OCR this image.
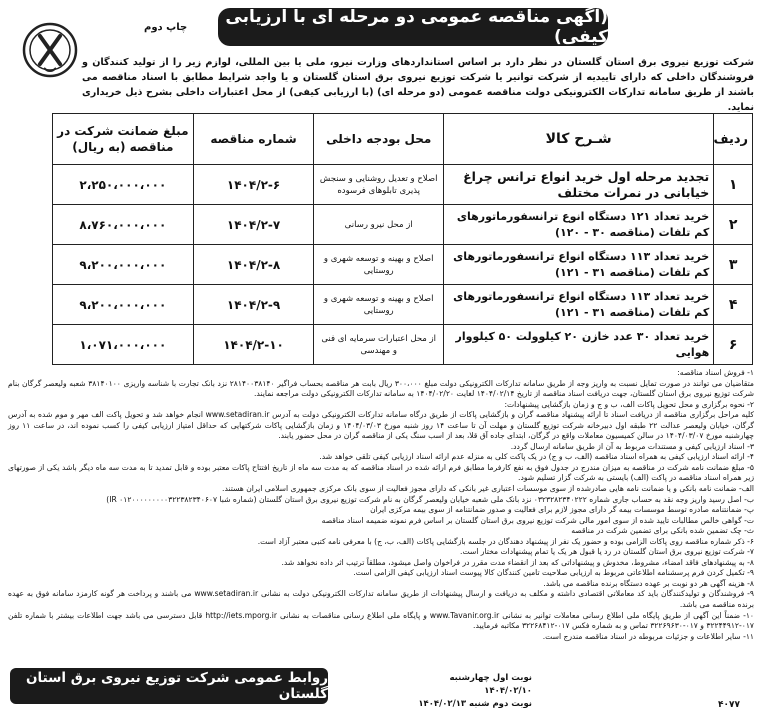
چاپ دوم
(آگهی مناقصه عمومی دو مرحله ای با ارزیابی کیفی)
شرکت توزیع نیروی برق استان گلستان در نظر دارد بر اساس استانداردهای وزارت نیرو، ملی یا بین المللی، لوازم زیر را از تولید کنندگان و فروشندگان داخلی که دارای تاییدیه از شرکت توانیر یا شرکت توزیع نیروی برق استان گلستان و یا واجد شرایط مطابق با اسناد مناقصه می باشند از طریق سامانه تدارکات الکترونیکی دولت مناقصه عمومی (دو مرحله ای) (با ارزیابی کیفی) از محل اعتبارات داخلی بشرح ذیل خریداری نماید.
ردیف	شـرح کالا	محل بودجه داخلی	شماره مناقصه	مبلغ ضمانت شرکت در مناقصه (به ریال)
۱	تجدید مرحله اول خرید انواع ترانس چراغ خیابانی در نمرات مختلف	اصلاح و تعدیل روشنایی و سنجش پذیری تابلوهای فرسوده	۱۴۰۴/۲-۶	۲،۲۵۰،۰۰۰،۰۰۰
۲	خرید تعداد ۱۲۱ دستگاه انوع ترانسفورماتورهای کم تلفات (مناقصه ۳۰ - ۱۲۰)	از محل نیرو رسانی	۱۴۰۴/۲-۷	۸،۷۶۰،۰۰۰،۰۰۰
۳	خرید تعداد ۱۱۳ دستگاه انواع ترانسفورماتورهای کم تلفات (مناقصه ۳۱ - ۱۲۱)	اصلاح و بهینه و توسعه شهری و روستایی	۱۴۰۴/۲-۸	۹،۲۰۰،۰۰۰،۰۰۰
۴	خرید تعداد ۱۱۳ دستگاه انواع ترانسفورماتورهای کم تلفات (مناقصه ۳۱ - ۱۲۱)	اصلاح و بهینه و توسعه شهری و روستایی	۱۴۰۴/۲-۹	۹،۲۰۰،۰۰۰،۰۰۰
۶	خرید تعداد ۳۰ عدد خازن ۲۰ کیلوولت ۵۰ کیلووار هوایی	از محل اعتبارات سرمایه ای فنی و مهندسی	۱۴۰۴/۲-۱۰	۱،۰۷۱،۰۰۰،۰۰۰

۱- فروش اسناد مناقصه:

متقاضیان می توانند در صورت تمایل نسبت به واریز وجه از طریق سامانه تدارکات الکترونیکی دولت مبلغ ۳۰۰،۰۰۰ ریال بابت هر مناقصه بحساب فراگیر ۲۸۱۴۰۰۳۸۱۴۰ نزد بانک تجارت با شناسه واریزی ۳۸۱۴۰۱۰۰ شعبه ولیعصر گرگان بنام شرکت توزیع نیروی برق استان گلستان، جهت دریافت اسناد مناقصه از تاریخ ۱۴۰۴/۰۲/۱۴ لغایت ۱۴۰۴/۰۲/۲۰ به سامانه تدارکات الکترونیکی دولت مراجعه نمایند.

۲- نحوه برگزاری و محل تحویل پاکات الف، ب و ج و زمان بازگشایی پیشنهادات:

کلیه مراحل برگزاری مناقصه از دریافت اسناد تا ارائه پیشنهاد مناقصه گران و بازگشایی پاکات از طریق درگاه سامانه تدارکات الکترونیکی دولت به آدرس www.setadiran.ir انجام خواهد شد و تحویل پاکت الف مهر و موم شده به آدرس گرگان، خیابان ولیعصر عدالت ۲۲ طبقه اول دبیرخانه شرکت توزیع گلستان و مهلت آن تا ساعت ۱۴ روز شنبه مورخ ۱۴۰۴/۰۳/۰۳ و زمان بازگشایی پاکات شرکتهایی که حداقل امتیاز ارزیابی کیفی را کسب نموده اند، در ساعت ۱۱ روز چهارشنبه مورخ ۱۴۰۴/۰۳/۰۷ در سالن کمیسیون معاملات واقع در گرگان، ابتدای جاده آق قلا، بعد از اسب سنگ یکی از مناقصه گران در محل حضور یابند.

۳- اسناد ارزیابی کیفی و مستندات مربوط به آن از طریق سامانه ارسال گردد.

۴- ارائه اسناد ارزیابی کیفی به همراه اسناد مناقصه (الف، ب و ج) در یک پاکت کلی به منزله عدم ارائه اسناد ارزیابی کیفی تلقی خواهد شد.

۵- مبلغ ضمانت نامه شرکت در مناقصه به میزان مندرج در جدول فوق به نفع کارفرما مطابق فرم ارائه شده در اسناد مناقصه که به مدت سه ماه از تاریخ افتتاح پاکات معتبر بوده و قابل تمدید تا به مدت سه ماه دیگر باشد یکی از صورتهای زیر همراه اسناد مناقصه در پاکت (الف) بایستی به شرکت گزار تسلیم شود.

الف- ضمانت نامه بانکی و یا ضمانت نامه هایی صادرشده از سوی موسسات اعتباری غیر بانکی که دارای مجوز فعالیت از سوی بانک مرکزی جمهوری اسلامی ایران هستند.

ب- اصل رسید واریز وجه نقد به حساب جاری شماره ۰۳۲۳۲۸۲۳۴۰۲۲۲ نزد بانک ملی شعبه خیابان ولیعصر گرگان به نام شرکت توزیع نیروی برق استان گلستان (شماره شبا ۰۱۲۰۰۰۰۰۰۰۰۰۳۲۲۳۸۲۳۴۰۶۰۷ IR)

پ- ضمانتنامه صادره توسط موسسات بیمه گر دارای مجوز لازم برای فعالیت و صدور ضمانتنامه از سوی بیمه مرکزی ایران

ت- گواهی خالص مطالبات تایید شده از سوی امور مالی شرکت توزیع نیروی برق استان گلستان بر اساس فرم نمونه ضمیمه اسناد مناقصه

ث- چک تضمین شده بانکی برای تضمین شرکت در مناقصه

۶- ذکر شماره مناقصه روی پاکات الزامی بوده و حضور یک نفر از پیشنهاد دهندگان در جلسه بازگشایی پاکات (الف، ب، ج) با معرفی نامه کتبی معتبر آزاد است.

۷- شرکت توزیع نیروی برق استان گلستان در رد یا قبول هر یک یا تمام پیشنهادات مختار است.

۸- به پیشنهادهای فاقد امضاء، مشروط، مخدوش و پیشنهاداتی که بعد از انقضاء مدت مقرر در فراخوان واصل میشود، مطلقاً ترتیب اثر داده نخواهد شد.

۹- تکمیل کردن فرم پرسشنامه اطلاعاتی مربوط به ارزیابی صلاحیت تامین کنندگان کالا پیوست اسناد ارزیابی کیفی الزامی است.

۸- هزینه آگهی هر دو نوبت بر عهده دستگاه برنده مناقصه می باشد.

۹- فروشندگان و تولیدکنندگان باید کد معاملاتی اقتصادی داشته و مکلف به دریافت و ارسال پیشنهادات از طریق سامانه تدارکات الکترونیکی دولت به نشانی www.setadiran.ir می باشند و پرداخت هر گونه کارمزد سامانه فوق به عهده برنده مناقصه می باشد.

۱۰- ضمناً این آگهی از طریق پایگاه ملی اطلاع رسانی معاملات توانیر به نشانی www.Tavanir.org.ir و پایگاه ملی اطلاع رسانی مناقصات به نشانی http://iets.mporg.ir قابل دسترسی می باشد جهت اطلاعات بیشتر با شماره تلفن ۰۱۷-۳۲۲۴۴۹۱۲ و ۰۱۷-۳۲۲۶۹۶۳۰ تماس و به شماره فکس ۰۱۷-۳۲۲۶۸۴۱۲ مکاتبه فرمایید.

۱۱- سایر اطلاعات و جزئیات مربوطه در اسناد مناقصه مندرج است.

روابط عمومی شرکت توزیع نیروی برق استان گلستان
نوبت اول چهارشنبه ۱۴۰۴/۰۲/۱۰
نوبت دوم شنبه ۱۴۰۴/۰۲/۱۳	۴۰۷۷
